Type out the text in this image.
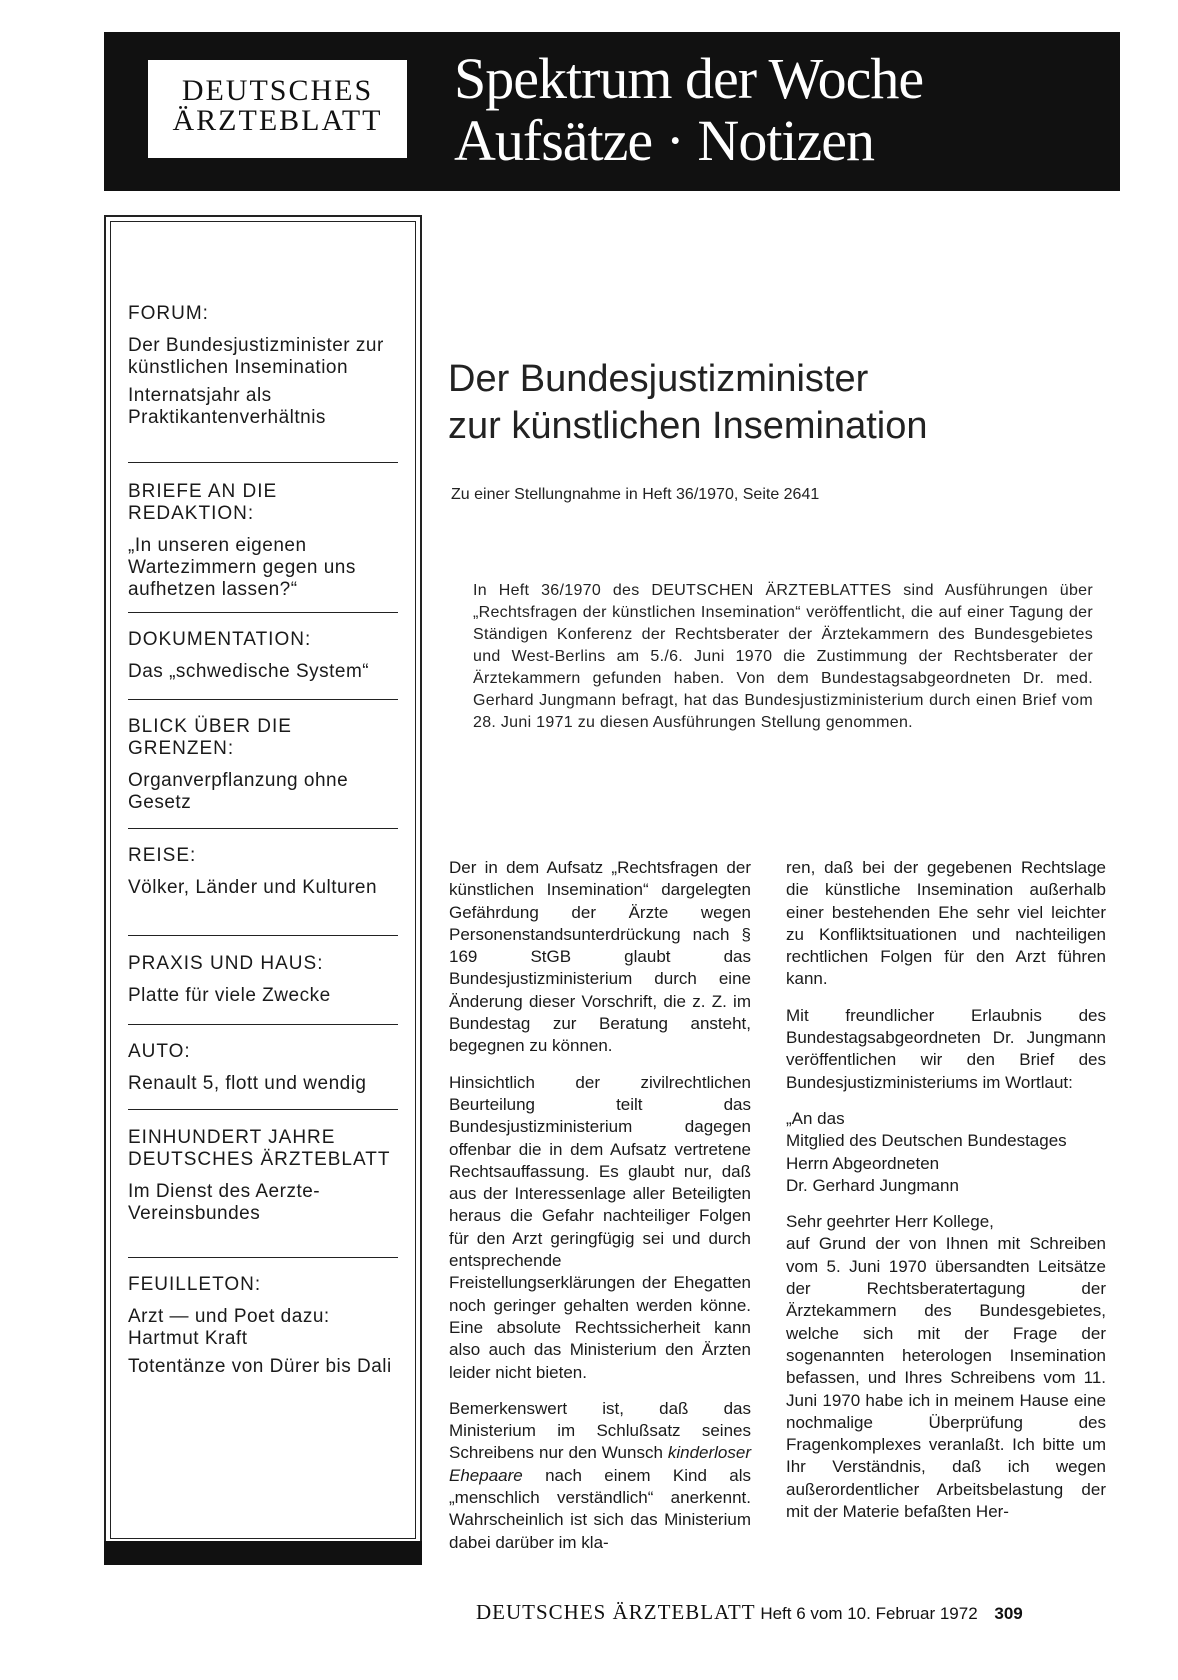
DEUTSCHES
ÄRZTEBLATT
Spektrum der Woche
Aufsätze · Notizen
FORUM:
Der Bundesjustizminister zur künstlichen Insemination
Internatsjahr als Praktikantenverhältnis
BRIEFE AN DIE REDAKTION:
„In unseren eigenen Wartezimmern gegen uns aufhetzen lassen?“
DOKUMENTATION:
Das „schwedische System“
BLICK ÜBER DIE GRENZEN:
Organverpflanzung ohne Gesetz
REISE:
Völker, Länder und Kulturen
PRAXIS UND HAUS:
Platte für viele Zwecke
AUTO:
Renault 5, flott und wendig
EINHUNDERT JAHRE DEUTSCHES ÄRZTEBLATT
Im Dienst des Aerzte-Vereinsbundes
FEUILLETON:
Arzt — und Poet dazu: Hartmut Kraft
Totentänze von Dürer bis Dali
Der Bundesjustizminister
zur künstlichen Insemination
Zu einer Stellungnahme in Heft 36/1970, Seite 2641
In Heft 36/1970 des DEUTSCHEN ÄRZTEBLATTES sind Ausführungen über „Rechtsfragen der künstlichen Insemination“ veröffentlicht, die auf einer Tagung der Ständigen Konferenz der Rechtsberater der Ärztekammern des Bundesgebietes und West-Berlins am 5./6. Juni 1970 die Zustimmung der Rechtsberater der Ärztekammern gefunden haben. Von dem Bundestagsabgeordneten Dr. med. Gerhard Jungmann befragt, hat das Bundesjustizministerium durch einen Brief vom 28. Juni 1971 zu diesen Ausführungen Stellung genommen.

Der in dem Aufsatz „Rechtsfragen der künstlichen Insemination“ dargelegten Gefährdung der Ärzte wegen Personenstandsunterdrückung nach § 169 StGB glaubt das Bundesjustizministerium durch eine Änderung dieser Vorschrift, die z. Z. im Bundestag zur Beratung ansteht, begegnen zu können.

Hinsichtlich der zivilrechtlichen Beurteilung teilt das Bundesjustizministerium dagegen offenbar die in dem Aufsatz vertretene Rechtsauffassung. Es glaubt nur, daß aus der Interessenlage aller Beteiligten heraus die Gefahr nachteiliger Folgen für den Arzt geringfügig sei und durch entsprechende Freistellungserklärungen der Ehegatten noch geringer gehalten werden könne. Eine absolute Rechtssicherheit kann also auch das Ministerium den Ärzten leider nicht bieten.

Bemerkenswert ist, daß das Ministerium im Schlußsatz seines Schreibens nur den Wunsch kinderloser Ehepaare nach einem Kind als „menschlich verständlich“ anerkennt. Wahrscheinlich ist sich das Ministerium dabei darüber im kla-

ren, daß bei der gegebenen Rechtslage die künstliche Insemination außerhalb einer bestehenden Ehe sehr viel leichter zu Konfliktsituationen und nachteiligen rechtlichen Folgen für den Arzt führen kann.

Mit freundlicher Erlaubnis des Bundestagsabgeordneten Dr. Jungmann veröffentlichen wir den Brief des Bundesjustizministeriums im Wortlaut:

„An das
Mitglied des Deutschen Bundestages Herrn Abgeordneten
Dr. Gerhard Jungmann

Sehr geehrter Herr Kollege,
auf Grund der von Ihnen mit Schreiben vom 5. Juni 1970 übersandten Leitsätze der Rechtsberatertagung der Ärztekammern des Bundesgebietes, welche sich mit der Frage der sogenannten heterologen Insemination befassen, und Ihres Schreibens vom 11. Juni 1970 habe ich in meinem Hause eine nochmalige Überprüfung des Fragenkomplexes veranlaßt. Ich bitte um Ihr Verständnis, daß ich wegen außerordentlicher Arbeitsbelastung der mit der Materie befaßten Her-

DEUTSCHES ÄRZTEBLATT Heft 6 vom 10. Februar 1972 309
